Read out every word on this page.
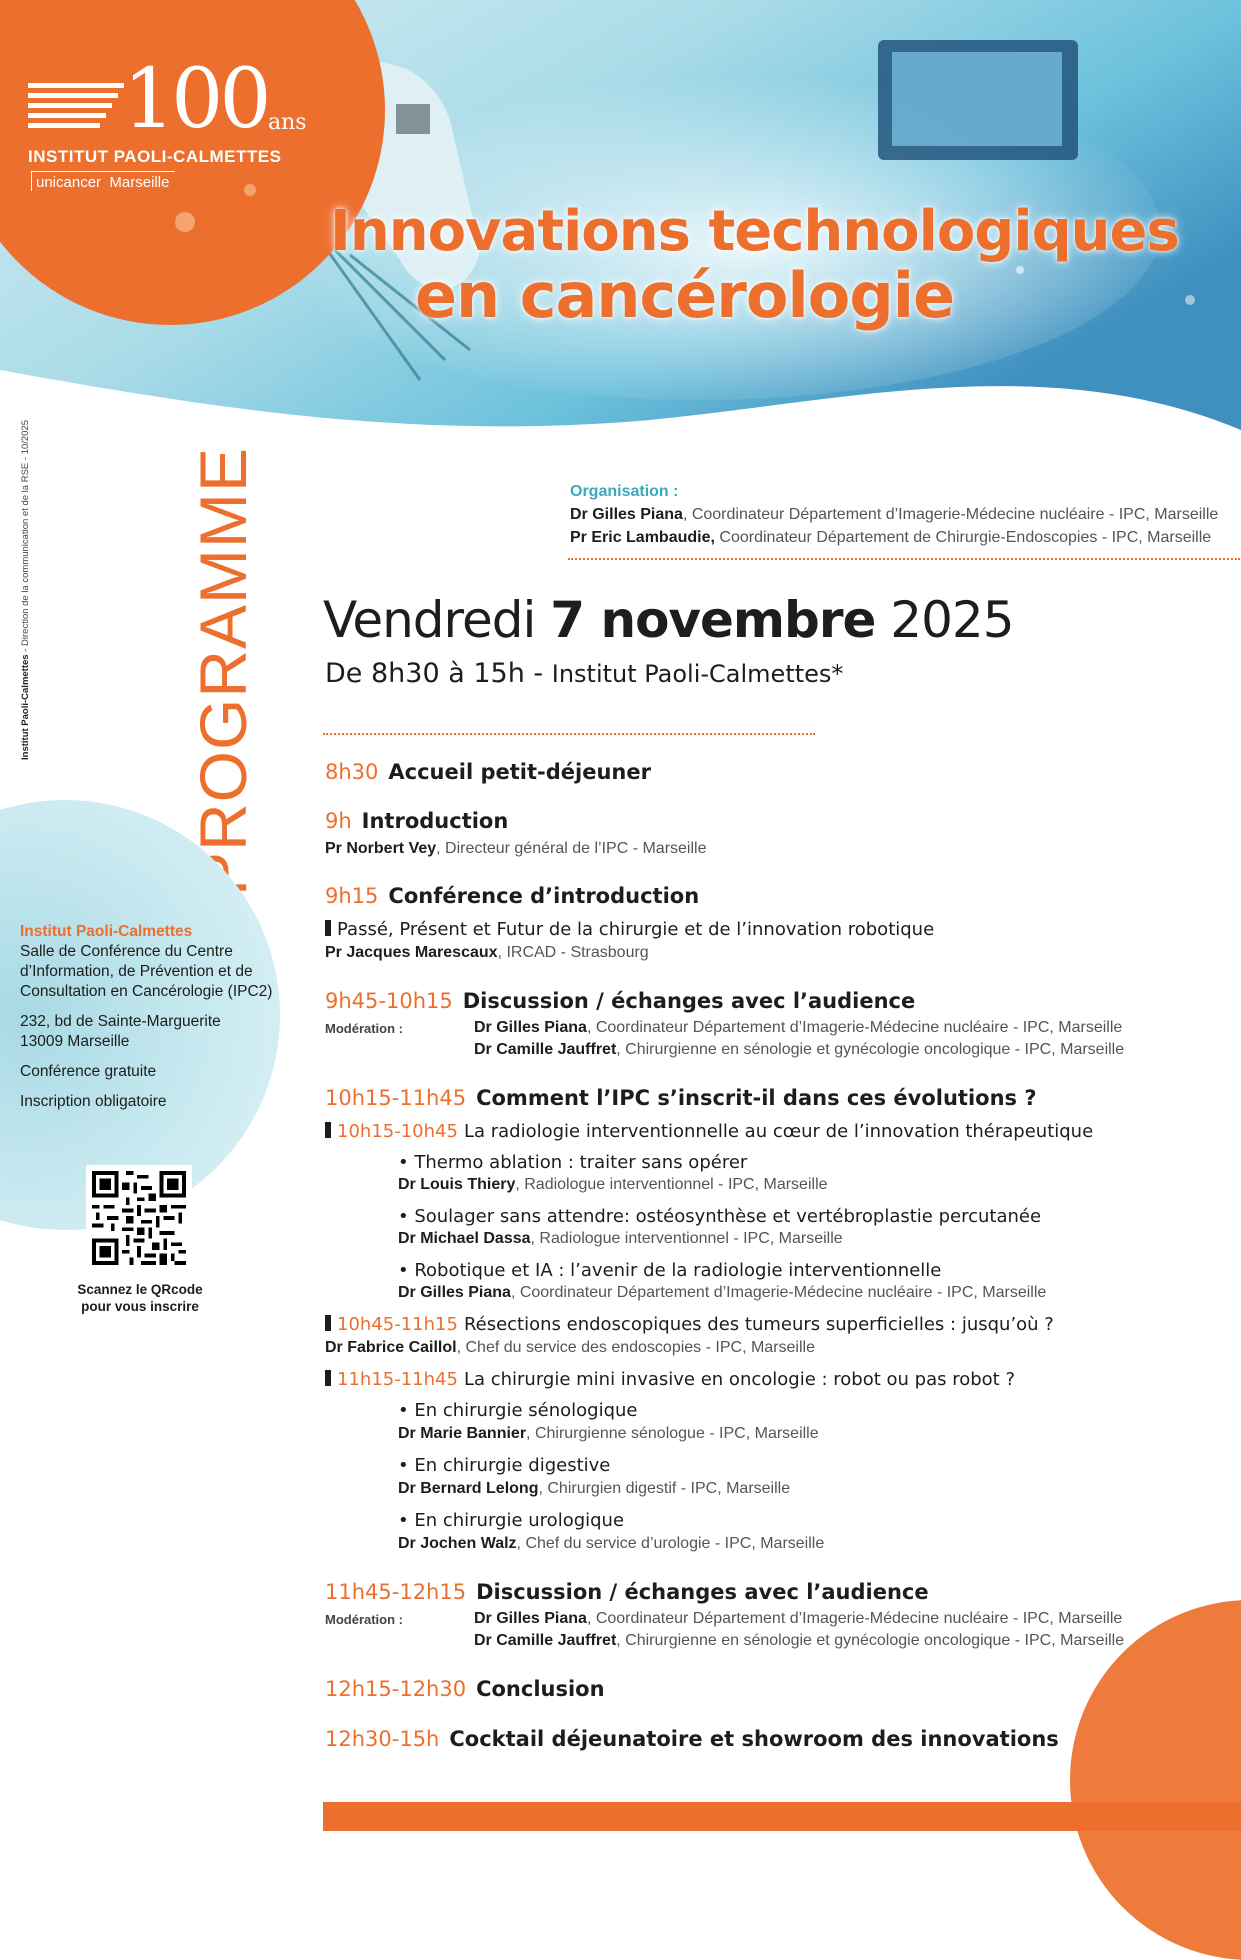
100 ans
INSTITUT PAOLI-CALMETTES
unicancer Marseille
Innovations technologiques
en cancérologie
Institut Paoli-Calmettes - Direction de la communication et de la RSE - 10/2025 PROGRAMME
Institut Paoli-Calmettes

Salle de Conférence du Centre d’Information, de Prévention et de Consultation en Cancérologie (IPC2)

232, bd de Sainte-Marguerite
13009 Marseille

Conférence gratuite

Inscription obligatoire

Scannez le QRcode
pour vous inscrire
Organisation :
Dr Gilles Piana, Coordinateur Département d’Imagerie-Médecine nucléaire - IPC, Marseille
Pr Eric Lambaudie, Coordinateur Département de Chirurgie-Endoscopies - IPC, Marseille
Vendredi 7 novembre 2025
De 8h30 à 15h - Institut Paoli-Calmettes*
8h30 Accueil petit-déjeuner
9h Introduction
Pr Norbert Vey, Directeur général de l’IPC - Marseille
9h15 Conférence d’introduction
Passé, Présent et Futur de la chirurgie et de l’innovation robotique
Pr Jacques Marescaux, IRCAD - Strasbourg
9h45-10h15 Discussion / échanges avec l’audience
Modération :	Dr Gilles Piana, Coordinateur Département d’Imagerie-Médecine nucléaire - IPC, Marseille
Dr Camille Jauffret, Chirurgienne en sénologie et gynécologie oncologique - IPC, Marseille
10h15-11h45 Comment l’IPC s’inscrit-il dans ces évolutions ?
10h15-10h45 La radiologie interventionnelle au cœur de l’innovation thérapeutique
• Thermo ablation : traiter sans opérer
Dr Louis Thiery, Radiologue interventionnel - IPC, Marseille
• Soulager sans attendre: ostéosynthèse et vertébroplastie percutanée
Dr Michael Dassa, Radiologue interventionnel - IPC, Marseille
• Robotique et IA : l’avenir de la radiologie interventionnelle
Dr Gilles Piana, Coordinateur Département d’Imagerie-Médecine nucléaire - IPC, Marseille
10h45-11h15 Résections endoscopiques des tumeurs superficielles : jusqu’où ?
Dr Fabrice Caillol, Chef du service des endoscopies - IPC, Marseille
11h15-11h45 La chirurgie mini invasive en oncologie : robot ou pas robot ?
• En chirurgie sénologique
Dr Marie Bannier, Chirurgienne sénologue - IPC, Marseille
• En chirurgie digestive
Dr Bernard Lelong, Chirurgien digestif - IPC, Marseille
• En chirurgie urologique
Dr Jochen Walz, Chef du service d’urologie - IPC, Marseille
11h45-12h15 Discussion / échanges avec l’audience
Modération :	Dr Gilles Piana, Coordinateur Département d’Imagerie-Médecine nucléaire - IPC, Marseille
Dr Camille Jauffret, Chirurgienne en sénologie et gynécologie oncologique - IPC, Marseille
12h15-12h30 Conclusion
12h30-15h Cocktail déjeunatoire et showroom des innovations
